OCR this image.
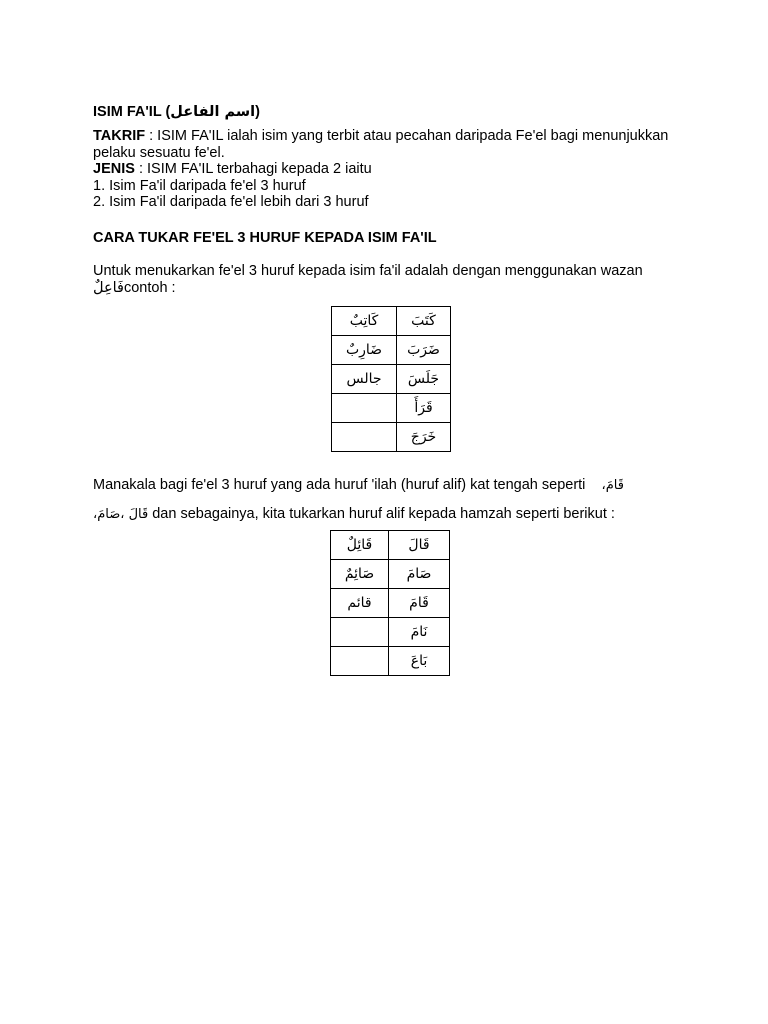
ISIM FA'IL (اسم الفاعل)

TAKRIF : ISIM FA'IL ialah isim yang terbit atau pecahan daripada Fe'el bagi menunjukkan pelaku sesuatu fe'el.

JENIS : ISIM FA'IL terbahagi kepada 2 iaitu

1. Isim Fa'il daripada fe'el 3 huruf

2. Isim Fa'il daripada fe'el lebih dari 3 huruf

CARA TUKAR FE'EL 3 HURUF KEPADA ISIM FA'IL

Untuk menukarkan fe'el 3 huruf kepada isim fa'il adalah dengan menggunakan wazan

فَاعِلٌcontoh :

Manakala bagi fe'el 3 huruf yang ada huruf 'ilah (huruf alif) kat tengah seperti قَامَ،
قَالَ ،صَامَ، dan sebagainya, kita tukarkan huruf alif kepada hamzah seperti berikut :
كَاتِبٌ	كَتَبَ
ضَارِبٌ	ضَرَبَ
جالس	جَلَسَ
	قَرَأَ
	خَرَجَ
قَائِلٌ	قَالَ
صَائِمٌ	صَامَ
قائم	قَامَ
	نَامَ
	بَاعَ
